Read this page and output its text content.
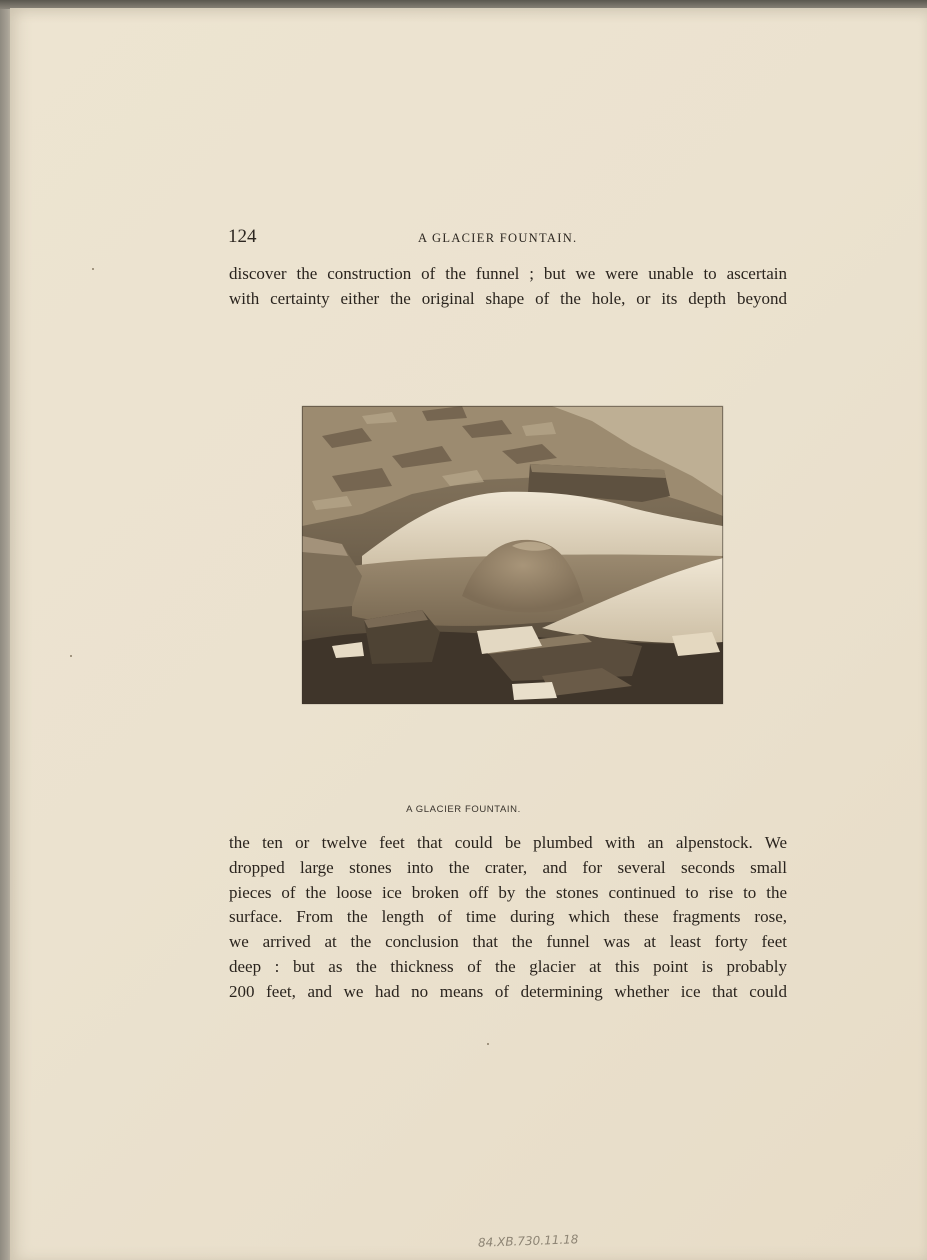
124	A GLACIER FOUNTAIN.
discover the construction of the funnel ; but we were unable to ascertain
with certainty either the original shape of the hole, or its depth beyond
A GLACIER FOUNTAIN.
the ten or twelve feet that could be plumbed with an alpenstock. We
dropped large stones into the crater, and for several seconds small
pieces of the loose ice broken off by the stones continued to rise to the
surface. From the length of time during which these fragments rose,
we arrived at the conclusion that the funnel was at least forty feet
deep : but as the thickness of the glacier at this point is probably
200 feet, and we had no means of determining whether ice that could
84.XB.730.11.18
